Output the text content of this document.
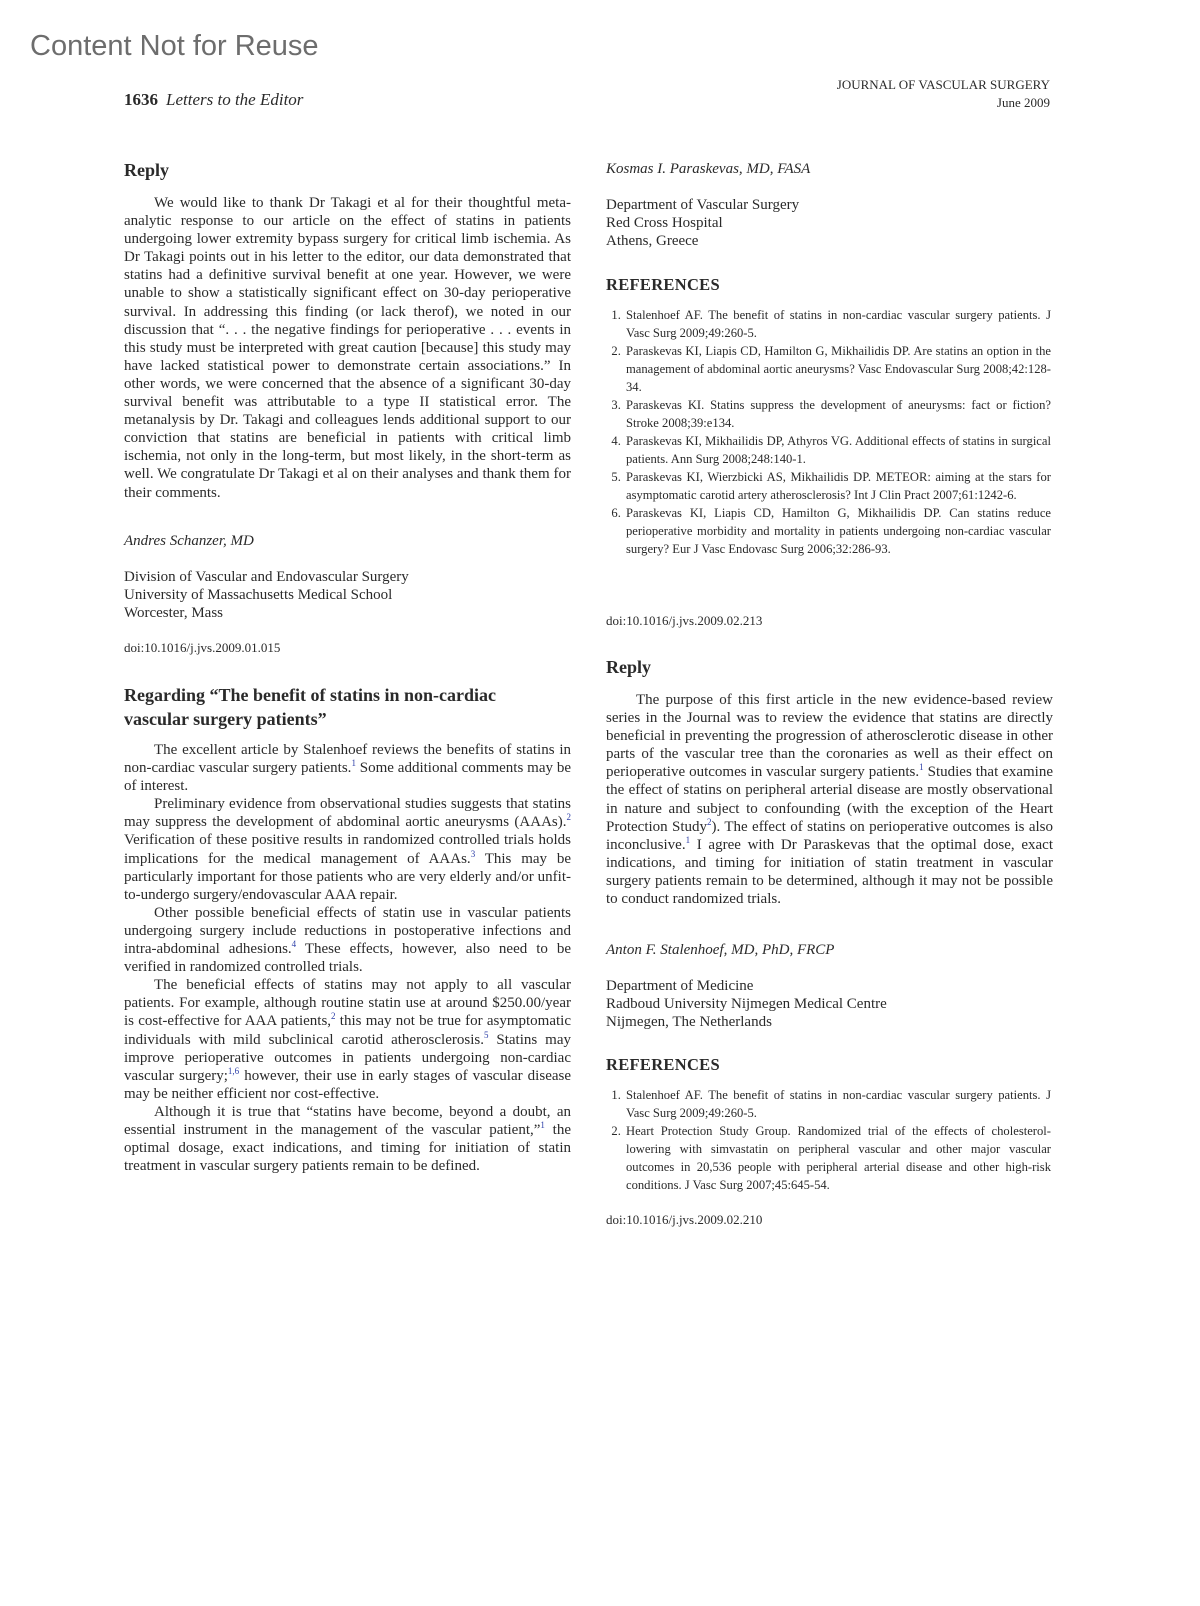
Content Not for Reuse
1636 Letters to the Editor
JOURNAL OF VASCULAR SURGERY
June 2009
Reply

We would like to thank Dr Takagi et al for their thoughtful meta-analytic response to our article on the effect of statins in patients undergoing lower extremity bypass surgery for critical limb ischemia. As Dr Takagi points out in his letter to the editor, our data demonstrated that statins had a definitive survival benefit at one year. However, we were unable to show a statistically significant effect on 30-day perioperative survival. In addressing this finding (or lack therof), we noted in our discussion that “. . . the negative findings for perioperative . . . events in this study must be interpreted with great caution [because] this study may have lacked statistical power to demonstrate certain associations.” In other words, we were concerned that the absence of a significant 30-day survival benefit was attributable to a type II statistical error. The metanalysis by Dr. Takagi and colleagues lends additional support to our conviction that statins are beneficial in patients with critical limb ischemia, not only in the long-term, but most likely, in the short-term as well. We congratulate Dr Takagi et al on their analyses and thank them for their comments.

Andres Schanzer, MD
Division of Vascular and Endovascular Surgery
University of Massachusetts Medical School
Worcester, Mass
doi:10.1016/j.jvs.2009.01.015
Regarding “The benefit of statins in non-cardiac vascular surgery patients”

The excellent article by Stalenhoef reviews the benefits of statins in non-cardiac vascular surgery patients.$^1$ Some additional comments may be of interest.

Preliminary evidence from observational studies suggests that statins may suppress the development of abdominal aortic aneurysms (AAAs).$^2$ Verification of these positive results in randomized controlled trials holds implications for the medical management of AAAs.$^3$ This may be particularly important for those patients who are very elderly and/or unfit-to-undergo surgery/endovascular AAA repair.

Other possible beneficial effects of statin use in vascular patients undergoing surgery include reductions in postoperative infections and intra-abdominal adhesions.$^4$ These effects, however, also need to be verified in randomized controlled trials.

The beneficial effects of statins may not apply to all vascular patients. For example, although routine statin use at around $250.00/year is cost-effective for AAA patients,$^2$ this may not be true for asymptomatic individuals with mild subclinical carotid atherosclerosis.$^5$ Statins may improve perioperative outcomes in patients undergoing non-cardiac vascular surgery;$^{1,6}$ however, their use in early stages of vascular disease may be neither efficient nor cost-effective.

Although it is true that “statins have become, beyond a doubt, an essential instrument in the management of the vascular patient,”$^1$ the optimal dosage, exact indications, and timing for initiation of statin treatment in vascular surgery patients remain to be defined.

Kosmas I. Paraskevas, MD, FASA
Department of Vascular Surgery
Red Cross Hospital
Athens, Greece
REFERENCES
1. Stalenhoef AF. The benefit of statins in non-cardiac vascular surgery patients. J Vasc Surg 2009;49:260-5.
2. Paraskevas KI, Liapis CD, Hamilton G, Mikhailidis DP. Are statins an option in the management of abdominal aortic aneurysms? Vasc Endovascular Surg 2008;42:128-34.
3. Paraskevas KI. Statins suppress the development of aneurysms: fact or fiction? Stroke 2008;39:e134.
4. Paraskevas KI, Mikhailidis DP, Athyros VG. Additional effects of statins in surgical patients. Ann Surg 2008;248:140-1.
5. Paraskevas KI, Wierzbicki AS, Mikhailidis DP. METEOR: aiming at the stars for asymptomatic carotid artery atherosclerosis? Int J Clin Pract 2007;61:1242-6.
6. Paraskevas KI, Liapis CD, Hamilton G, Mikhailidis DP. Can statins reduce perioperative morbidity and mortality in patients undergoing non-cardiac vascular surgery? Eur J Vasc Endovasc Surg 2006;32:286-93.
doi:10.1016/j.jvs.2009.02.213
Reply

The purpose of this first article in the new evidence-based review series in the Journal was to review the evidence that statins are directly beneficial in preventing the progression of atherosclerotic disease in other parts of the vascular tree than the coronaries as well as their effect on perioperative outcomes in vascular surgery patients.$^1$ Studies that examine the effect of statins on peripheral arterial disease are mostly observational in nature and subject to confounding (with the exception of the Heart Protection Study$^2$). The effect of statins on perioperative outcomes is also inconclusive.$^1$ I agree with Dr Paraskevas that the optimal dose, exact indications, and timing for initiation of statin treatment in vascular surgery patients remain to be determined, although it may not be possible to conduct randomized trials.

Anton F. Stalenhoef, MD, PhD, FRCP
Department of Medicine
Radboud University Nijmegen Medical Centre
Nijmegen, The Netherlands
REFERENCES
1. Stalenhoef AF. The benefit of statins in non-cardiac vascular surgery patients. J Vasc Surg 2009;49:260-5.
2. Heart Protection Study Group. Randomized trial of the effects of cholesterol-lowering with simvastatin on peripheral vascular and other major vascular outcomes in 20,536 people with peripheral arterial disease and other high-risk conditions. J Vasc Surg 2007;45:645-54.
doi:10.1016/j.jvs.2009.02.210
